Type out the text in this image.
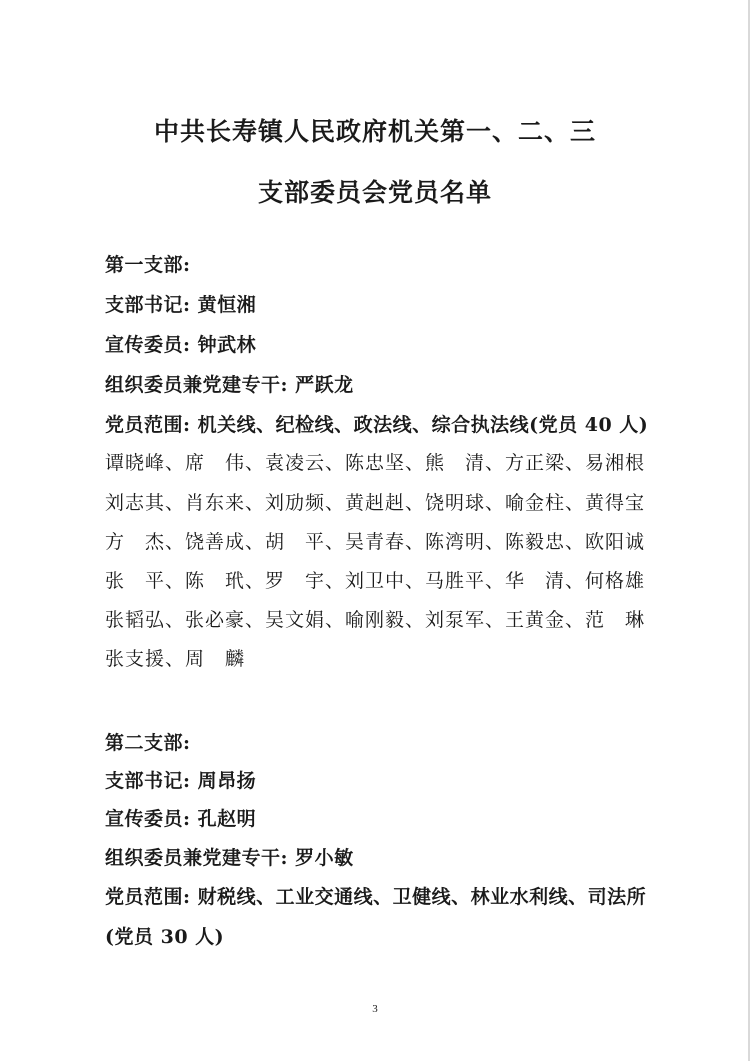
中共长寿镇人民政府机关第一、二、三
支部委员会党员名单
第一支部:
支部书记: 黄恒湘
宣传委员: 钟武林
组织委员兼党建专干: 严跃龙
党员范围: 机关线、纪检线、政法线、综合执法线(党员 40 人)
谭晓峰、席　伟、袁凌云、陈忠坚、熊　清、方正梁、易湘根
刘志其、肖东来、刘劢频、黄赳赳、饶明球、喻金柱、黄得宝
方　杰、饶善成、胡　平、吴青春、陈湾明、陈毅忠、欧阳诚
张　平、陈　玳、罗　宇、刘卫中、马胜平、华　清、何格雄
张韬弘、张必豪、吴文娟、喻刚毅、刘泵军、王黄金、范　琳
张支援、周　麟
第二支部:
支部书记: 周昂扬
宣传委员: 孔赵明
组织委员兼党建专干: 罗小敏
党员范围: 财税线、工业交通线、卫健线、林业水利线、司法所
(党员 30 人)
3
